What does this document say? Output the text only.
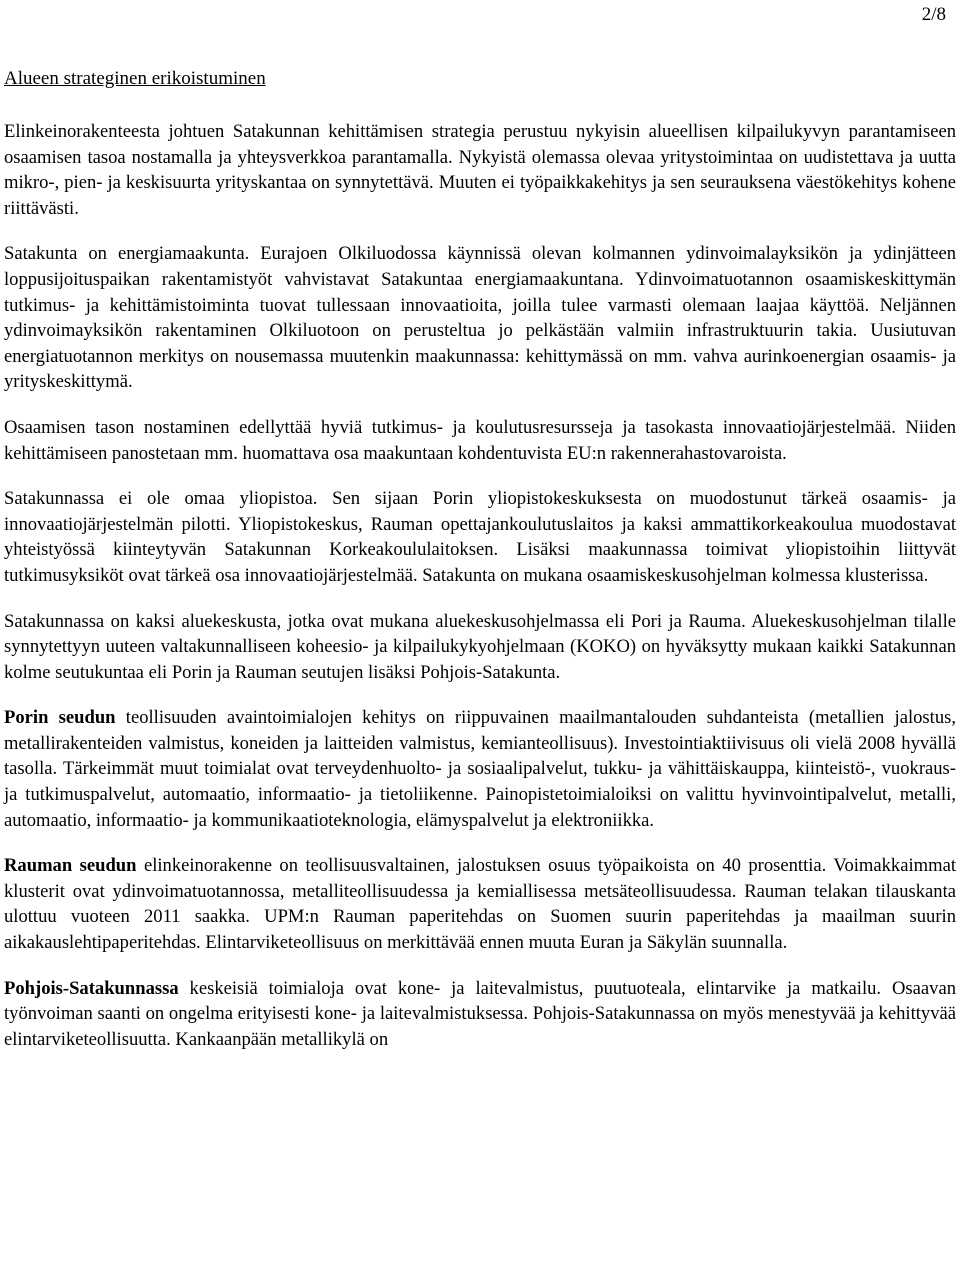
2/8
Alueen strateginen erikoistuminen

Elinkeinorakenteesta johtuen Satakunnan kehittämisen strategia perustuu nykyisin alueellisen kilpailukyvyn parantamiseen osaamisen tasoa nostamalla ja yhteysverkkoa parantamalla. Nykyistä olemassa olevaa yritystoimintaa on uudistettava ja uutta mikro-, pien- ja keskisuurta yrityskantaa on synnytettävä. Muuten ei työpaikkakehitys ja sen seurauksena väestökehitys kohene riittävästi.

Satakunta on energiamaakunta. Eurajoen Olkiluodossa käynnissä olevan kolmannen ydinvoimalayksikön ja ydinjätteen loppusijoituspaikan rakentamistyöt vahvistavat Satakuntaa energiamaakuntana. Ydinvoimatuotannon osaamiskeskittymän tutkimus- ja kehittämistoiminta tuovat tullessaan innovaatioita, joilla tulee varmasti olemaan laajaa käyttöä. Neljännen ydinvoimayksikön rakentaminen Olkiluotoon on perusteltua jo pelkästään valmiin infrastruktuurin takia. Uusiutuvan energiatuotannon merkitys on nousemassa muutenkin maakunnassa: kehittymässä on mm. vahva aurinkoenergian osaamis- ja yrityskeskittymä.

Osaamisen tason nostaminen edellyttää hyviä tutkimus- ja koulutusresursseja ja tasokasta innovaatiojärjestelmää. Niiden kehittämiseen panostetaan mm. huomattava osa maakuntaan kohdentuvista EU:n rakennerahastovaroista.

Satakunnassa ei ole omaa yliopistoa. Sen sijaan Porin yliopistokeskuksesta on muodostunut tärkeä osaamis- ja innovaatiojärjestelmän pilotti. Yliopistokeskus, Rauman opettajankoulutuslaitos ja kaksi ammattikorkeakoulua muodostavat yhteistyössä kiinteytyvän Satakunnan Korkeakoululaitoksen. Lisäksi maakunnassa toimivat yliopistoihin liittyvät tutkimusyksiköt ovat tärkeä osa innovaatiojärjestelmää. Satakunta on mukana osaamiskeskusohjelman kolmessa klusterissa.

Satakunnassa on kaksi aluekeskusta, jotka ovat mukana aluekeskusohjelmassa eli Pori ja Rauma. Aluekeskusohjelman tilalle synnytettyyn uuteen valtakunnalliseen koheesio- ja kilpailukykyohjelmaan (KOKO) on hyväksytty mukaan kaikki Satakunnan kolme seutukuntaa eli Porin ja Rauman seutujen lisäksi Pohjois-Satakunta.

Porin seudun teollisuuden avaintoimialojen kehitys on riippuvainen maailmantalouden suhdanteista (metallien jalostus, metallirakenteiden valmistus, koneiden ja laitteiden valmistus, kemianteollisuus). Investointiaktiivisuus oli vielä 2008 hyvällä tasolla. Tärkeimmät muut toimialat ovat terveydenhuolto- ja sosiaalipalvelut, tukku- ja vähittäiskauppa, kiinteistö-, vuokraus- ja tutkimuspalvelut, automaatio, informaatio- ja tietoliikenne. Painopistetoimialoiksi on valittu hyvinvointipalvelut, metalli, automaatio, informaatio- ja kommunikaatioteknologia, elämyspalvelut ja elektroniikka.

Rauman seudun elinkeinorakenne on teollisuusvaltainen, jalostuksen osuus työpaikoista on 40 prosenttia. Voimakkaimmat klusterit ovat ydinvoimatuotannossa, metalliteollisuudessa ja kemiallisessa metsäteollisuudessa. Rauman telakan tilauskanta ulottuu vuoteen 2011 saakka. UPM:n Rauman paperitehdas on Suomen suurin paperitehdas ja maailman suurin aikakauslehtipaperitehdas. Elintarviketeollisuus on merkittävää ennen muuta Euran ja Säkylän suunnalla.

Pohjois-Satakunnassa keskeisiä toimialoja ovat kone- ja laitevalmistus, puutuoteala, elintarvike ja matkailu. Osaavan työnvoiman saanti on ongelma erityisesti kone- ja laitevalmistuksessa. Pohjois-Satakunnassa on myös menestyvää ja kehittyvää elintarviketeollisuutta. Kankaanpään metallikylä on
